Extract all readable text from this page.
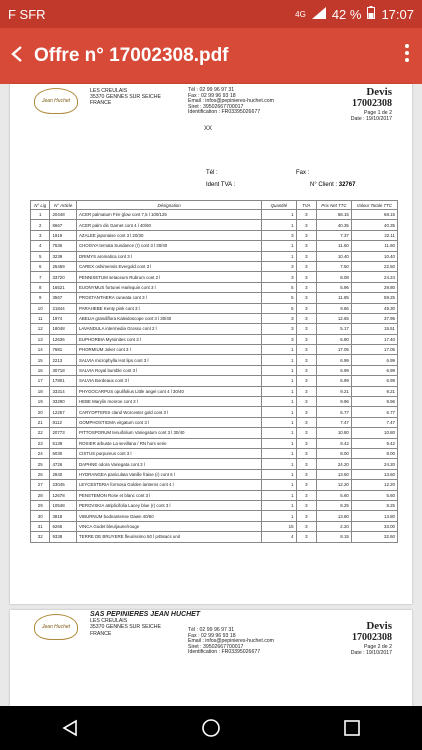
F SFR	4G 42 % 17:07
Offre n° 17002308.pdf
Jean Huchet
LES CREULAIS
35370 GENNES SUR SEICHE
FRANCE
Tél : 02 99 96 97 31
Fax : 02 99 96 93 18
Email : infos@pepinieres-huchet.com
Siret : 39502667700017
Identification : FR03395026677
Devis
17002308
Page 1 de 2
Date : 19/10/2017
XX
Tél :	Fax :
Ident TVA :	N° Client : 32767
N° Lig	N° Article	Désignation	Quantité	TVA	Prix Net TTC	Valeur Totale TTC
1	20448	ACER palmatum Fire glow cont 7,5 l 100/125	1	3	68.15	68.15
2	8667	ACER palm dis Garnet cont 4 l 40/60	1	3	40.35	40.35
3	1919	AZALEE japonaise cont 3 l 20/30	3	3	7.37	22.11
4	7536	CHOISYA ternata Sundance (r) cont 3 l 30/40	1	3	11.60	11.60
5	3239	DRIMYS aromatica cont 3 l	1	3	10.40	10.40
6	25459	CAREX oshimensis Evergold cont 3 l	3	3	7.50	22.50
7	33720	PENNISETUM setaceum Rubrum cont 2 l	3	3	8.08	24.24
8	16521	EUONYMUS fortunei Harlequin cont 3 l	5	3	5.96	29.80
9	3567	PROSTANTHERA cuneata cont 3 l	5	3	11.85	59.25
10	21844	PARAHEBE Kenty pink cont 3 l	5	3	9.86	49.30
11	1974	ABELIA grandiflora Kaleidoscope cont 3 l 30/40	3	3	12.65	37.95
12	18048	LAVANDULA intermedia Grosso cont 2 l	3	3	5.17	15.51
13	12636	EUPHORBIA Myrsinites cont 3 l	3	3	5.80	17.40
14	7681	PHORMIUM Joker cont 3 l	1	3	17.05	17.05
15	2213	SALVIA microphylla Hot lips cont 3 l	1	3	6.99	6.99
16	30718	SALVIA Royal bumble cont 3 l	1	3	6.99	6.99
17	17801	SALVIA Bordeaux cont 3 l	1	3	6.99	6.99
18	33314	PHYGOCARPUS opulifolius Little angel cont 4 l 30/40	1	3	9.21	9.21
19	33290	HEBE Marylin monroe cont 3 l	1	3	9.96	9.96
20	12267	CARYOPTERIS cland Worcester gold cont 3 l	1	3	6.77	6.77
21	8112	GOMPHOSTIGMA virgatum cont 3 l	1	3	7.47	7.47
22	20773	PITTOSPORUM tenuifolium Variegatum cont 3 l 30/40	1	3	10.80	10.80
23	5139	ROSIER arbuste La sevillana / RN hors serie	1	3	9.42	9.42
24	6030	CISTUS purpureus cont 3 l	1	3	8.00	8.00
25	4726	DAPHNE odora Variegata cont 3 l	1	3	24.20	24.20
26	2840	HYDRANGEA paniculata Vanille fraise (r) cont 6 l	1	3	13.60	13.60
27	23045	LEYCESTERIA formosa Golden lanterns cont 4 l	1	3	12.20	12.20
28	12678	PENSTEMON Rose et blanc cont 3 l	1	3	5.60	5.60
29	10548	PEROVSKIA atriplicifolia Lacey blue (r) cont 3 l	1	3	8.25	8.25
30	3818	VIBURNUM bodnantense Dawn 40/60	1	3	13.80	13.80
31	6266	VINCA Godet bleu/jaune/rouge	15	3	2.20	33.00
32	9338	TERRE DE BRUYERE fleurissimo 50 l p45sacs unit	4	3	8.15	32.60
Jean Huchet
SAS PEPINIERES JEAN HUCHET
LES CREULAIS
35370 GENNES SUR SEICHE
FRANCE
Tél : 02 99 96 97 31
Fax : 02 99 96 93 18
Email : infos@pepinieres-huchet.com
Siret : 39502667700017
Identification : FR03395026677
Devis
17002308
Page 2 de 2
Date : 19/10/2017
